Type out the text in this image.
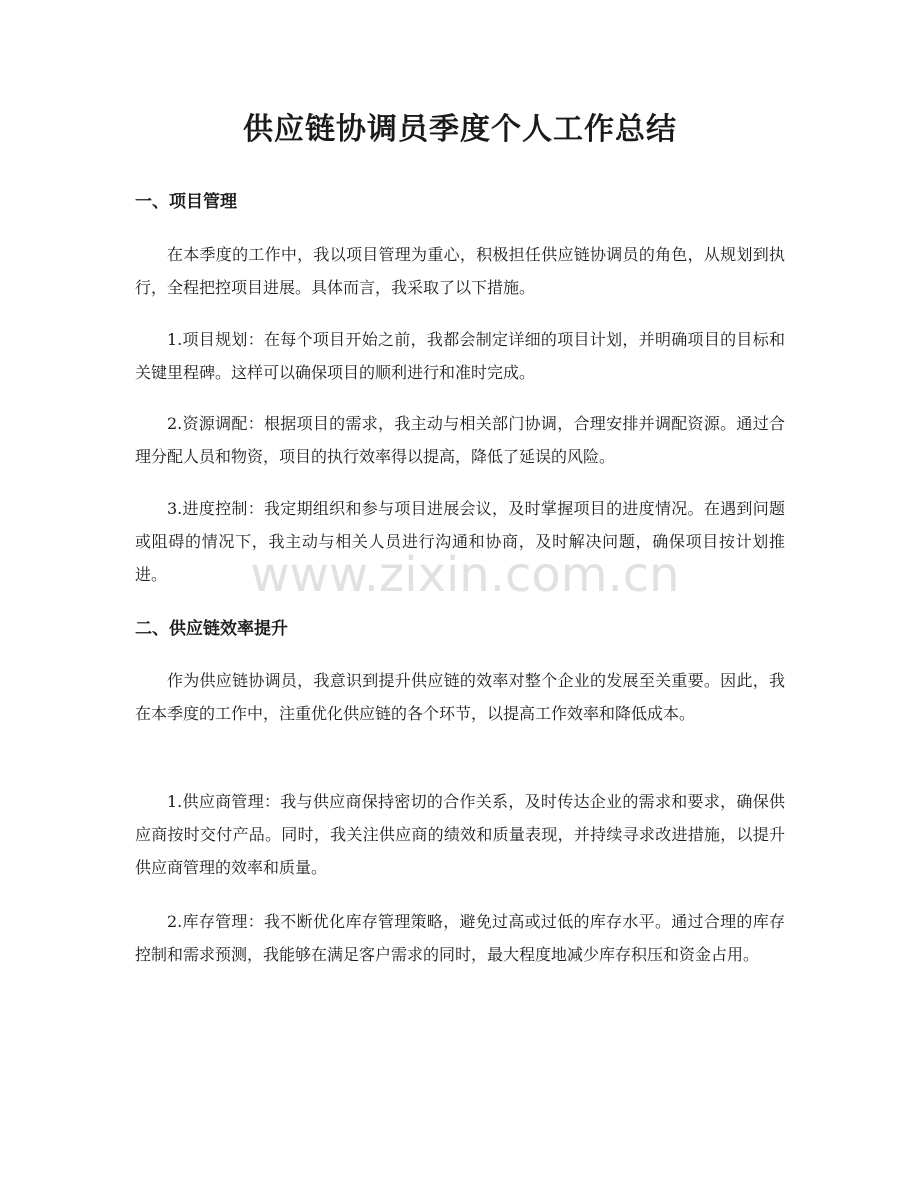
供应链协调员季度个人工作总结
一、项目管理

在本季度的工作中，我以项目管理为重心，积极担任供应链协调员的角色，从规划到执行，全程把控项目进展。具体而言，我采取了以下措施。

1.项目规划：在每个项目开始之前，我都会制定详细的项目计划，并明确项目的目标和关键里程碑。这样可以确保项目的顺利进行和准时完成。

2.资源调配：根据项目的需求，我主动与相关部门协调，合理安排并调配资源。通过合理分配人员和物资，项目的执行效率得以提高，降低了延误的风险。

3.进度控制：我定期组织和参与项目进展会议，及时掌握项目的进度情况。在遇到问题或阻碍的情况下，我主动与相关人员进行沟通和协商，及时解决问题，确保项目按计划推进。

二、供应链效率提升

作为供应链协调员，我意识到提升供应链的效率对整个企业的发展至关重要。因此，我在本季度的工作中，注重优化供应链的各个环节，以提高工作效率和降低成本。

1.供应商管理：我与供应商保持密切的合作关系，及时传达企业的需求和要求，确保供应商按时交付产品。同时，我关注供应商的绩效和质量表现，并持续寻求改进措施，以提升供应商管理的效率和质量。

2.库存管理：我不断优化库存管理策略，避免过高或过低的库存水平。通过合理的库存控制和需求预测，我能够在满足客户需求的同时，最大程度地减少库存积压和资金占用。

www.zixin.com.cn
